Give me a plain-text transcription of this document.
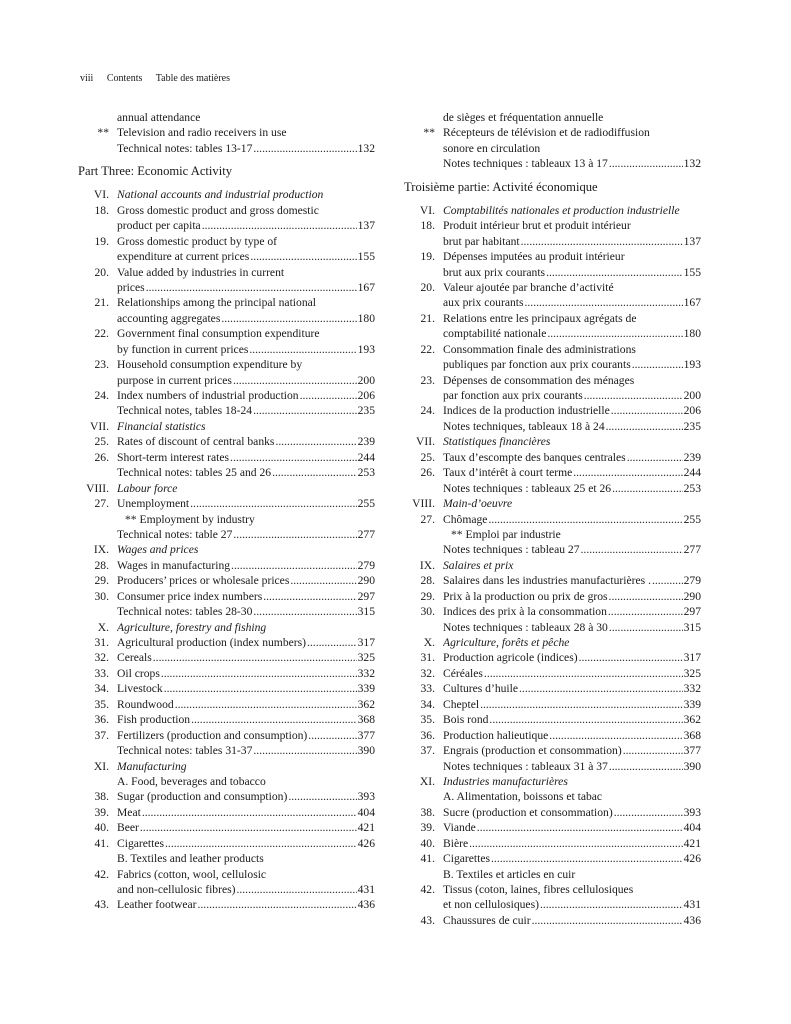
viii Contents Table des matières
annual attendance
** Television and radio receivers in use
Technical notes: tables 13-17 .....	132
Part Three: Economic Activity
VI. National accounts and industrial production
18. Gross domestic product and gross domestic
product per capita .....	137
19. Gross domestic product by type of
expenditure at current prices .....	155
20. Value added by industries in current
prices .....	167
21. Relationships among the principal national
accounting aggregates .....	180
22. Government final consumption expenditure
by function in current prices .....	193
23. Household consumption expenditure by
purpose in current prices .....	200
24. Index numbers of industrial production .....	206
Technical notes, tables 18-24 .....	235
VII. Financial statistics
25. Rates of discount of central banks .....	239
26. Short-term interest rates .....	244
Technical notes: tables 25 and 26 .....	253
VIII. Labour force
27. Unemployment .....	255
** Employment by industry
Technical notes: table 27 .....	277
IX. Wages and prices
28. Wages in manufacturing .....	279
29. Producers’ prices or wholesale prices .....	290
30. Consumer price index numbers .....	297
Technical notes: tables 28-30 .....	315
X. Agriculture, forestry and fishing
31. Agricultural production (index numbers) .....	317
32. Cereals .....	325
33. Oil crops .....	332
34. Livestock .....	339
35. Roundwood .....	362
36. Fish production .....	368
37. Fertilizers (production and consumption) .....	377
Technical notes: tables 31-37 .....	390
XI. Manufacturing
A. Food, beverages and tobacco
38. Sugar (production and consumption) .....	393
39. Meat .....	404
40. Beer .....	421
41. Cigarettes .....	426
B. Textiles and leather products
42. Fabrics (cotton, wool, cellulosic
and non-cellulosic fibres) .....	431
43. Leather footwear .....	436
de sièges et fréquentation annuelle
** Récepteurs de télévision et de radiodiffusion
sonore en circulation
Notes techniques : tableaux 13 à 17 .....	132
Troisième partie: Activité économique
VI. Comptabilités nationales et production industrielle
18. Produit intérieur brut et produit intérieur
brut par habitant .....	137
19. Dépenses imputées au produit intérieur
brut aux prix courants .....	155
20. Valeur ajoutée par branche d’activité
aux prix courants .....	167
21. Relations entre les principaux agrégats de
comptabilité nationale .....	180
22. Consommation finale des administrations
publiques par fonction aux prix courants .....	193
23. Dépenses de consommation des ménages
par fonction aux prix courants .....	200
24. Indices de la production industrielle .....	206
Notes techniques, tableaux 18 à 24 .....	235
VII. Statistiques financières
25. Taux d’escompte des banques centrales .....	239
26. Taux d’intérêt à court terme .....	244
Notes techniques : tableaux 25 et 26 .....	253
VIII. Main-d’oeuvre
27. Chômage .....	255
** Emploi par industrie
Notes techniques : tableau 27 .....	277
IX. Salaires et prix
28. Salaires dans les industries manufacturières . .....	279
29. Prix à la production ou prix de gros .....	290
30. Indices des prix à la consommation .....	297
Notes techniques : tableaux 28 à 30 .....	315
X. Agriculture, forêts et pêche
31. Production agricole (indices) .....	317
32. Céréales .....	325
33. Cultures d’huile .....	332
34. Cheptel .....	339
35. Bois rond .....	362
36. Production halieutique .....	368
37. Engrais (production et consommation) .....	377
Notes techniques : tableaux 31 à 37 .....	390
XI. Industries manufacturières
A. Alimentation, boissons et tabac
38. Sucre (production et consommation) .....	393
39. Viande .....	404
40. Bière .....	421
41. Cigarettes .....	426
B. Textiles et articles en cuir
42. Tissus (coton, laines, fibres cellulosiques
et non cellulosiques) .....	431
43. Chaussures de cuir .....	436
